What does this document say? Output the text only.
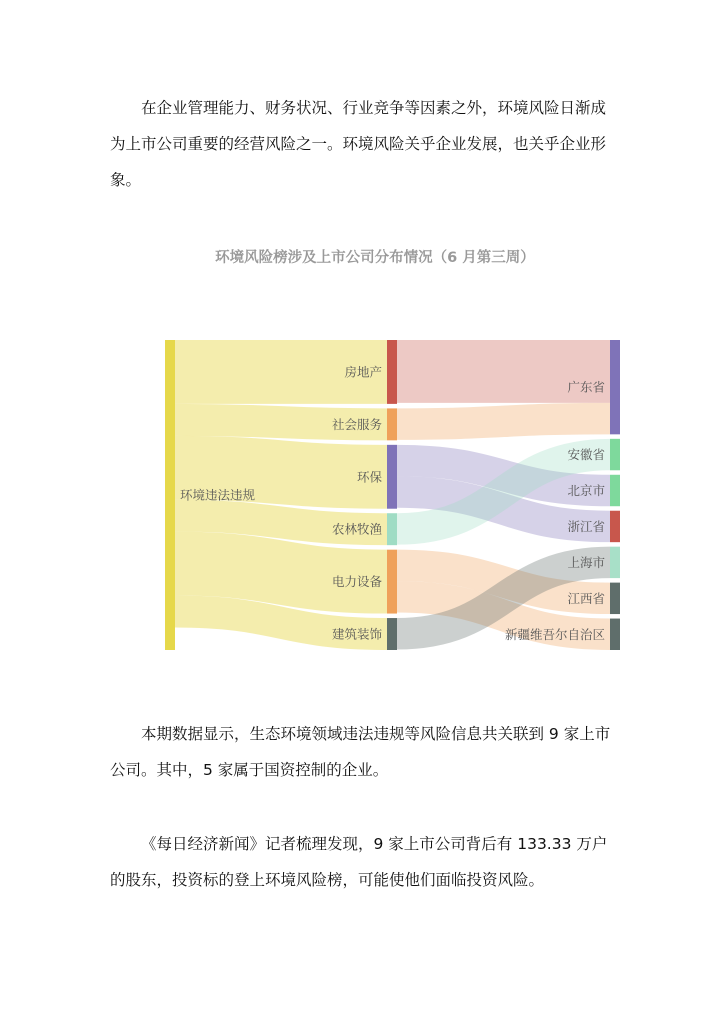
在企业管理能力、财务状况、行业竞争等因素之外，环境风险日渐成为上市公司重要的经营风险之一。环境风险关乎企业发展，也关乎企业形象。

环境风险榜涉及上市公司分布情况（6 月第三周）

环境违法违规
房地产
社会服务
环保
农林牧渔
电力设备
建筑装饰
广东省
安徽省
北京市
浙江省
上海市
江西省
新疆维吾尔自治区

本期数据显示，生态环境领域违法违规等风险信息共关联到 9 家上市公司。其中，5 家属于国资控制的企业。

《每日经济新闻》记者梳理发现，9 家上市公司背后有 133.33 万户的股东，投资标的登上环境风险榜，可能使他们面临投资风险。
